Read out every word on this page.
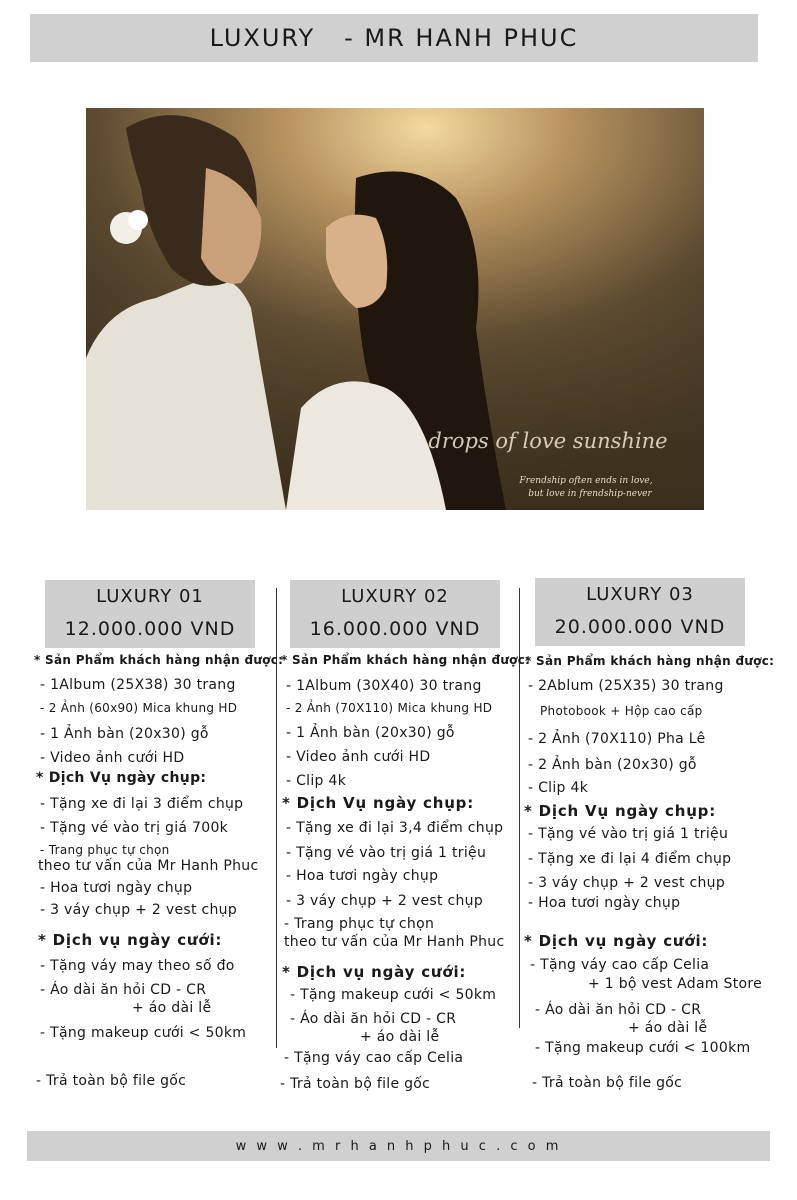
LUXURY   - MR HANH PHUC
Frendship often ends in love,
but love in frendship-never
drops of love sunshine
LUXURY 01
12.000.000 VND
LUXURY 02
16.000.000 VND
LUXURY 03
20.000.000 VND
* Sản Phẩm khách hàng nhận được:
- 1Album (25X38) 30 trang
- 2 Ảnh (60x90) Mica khung HD
- 1 Ảnh bàn (20x30) gỗ
- Video ảnh cưới HD
* Dịch Vụ ngày chụp:
- Tặng xe đi lại 3 điểm chụp
- Tặng vé vào trị giá 700k
- Trang phục tự chọn
theo tư vấn của Mr Hanh Phuc
- Hoa tươi ngày chụp
- 3 váy chụp + 2 vest chụp
* Dịch vụ ngày cưới:
- Tặng váy may theo số đo
- Áo dài ăn hỏi CD - CR
+ áo dài lễ
- Tặng makeup cưới < 50km
- Trả toàn bộ file gốc
* Sản Phẩm khách hàng nhận được:
- 1Album (30X40) 30 trang
- 2 Ảnh (70X110) Mica khung HD
- 1 Ảnh bàn (20x30) gỗ
- Video ảnh cưới HD
- Clip 4k
* Dịch Vụ ngày chụp:
- Tặng xe đi lại 3,4 điểm chụp
- Tặng vé vào trị giá 1 triệu
- Hoa tươi ngày chụp
- 3 váy chụp + 2 vest chụp
- Trang phục tự chọn
theo tư vấn của Mr Hanh Phuc
* Dịch vụ ngày cưới:
- Tặng makeup cưới < 50km
- Áo dài ăn hỏi CD - CR
+ áo dài lễ
- Tặng váy cao cấp Celia
- Trả toàn bộ file gốc
* Sản Phẩm khách hàng nhận được:
- 2Ablum (25X35) 30 trang
Photobook + Hộp cao cấp
- 2 Ảnh (70X110) Pha Lê
- 2 Ảnh bàn (20x30) gỗ
- Clip 4k
* Dịch Vụ ngày chụp:
- Tặng vé vào trị giá 1 triệu
- Tặng xe đi lại 4 điểm chụp
- 3 váy chụp + 2 vest chụp
- Hoa tươi ngày chụp
* Dịch vụ ngày cưới:
- Tặng váy cao cấp Celia
+ 1 bộ vest Adam Store
- Áo dài ăn hỏi CD - CR
+ áo dài lễ
- Tặng makeup cưới < 100km
- Trả toàn bộ file gốc
w w w . m r h a n h p h u c . c o m
